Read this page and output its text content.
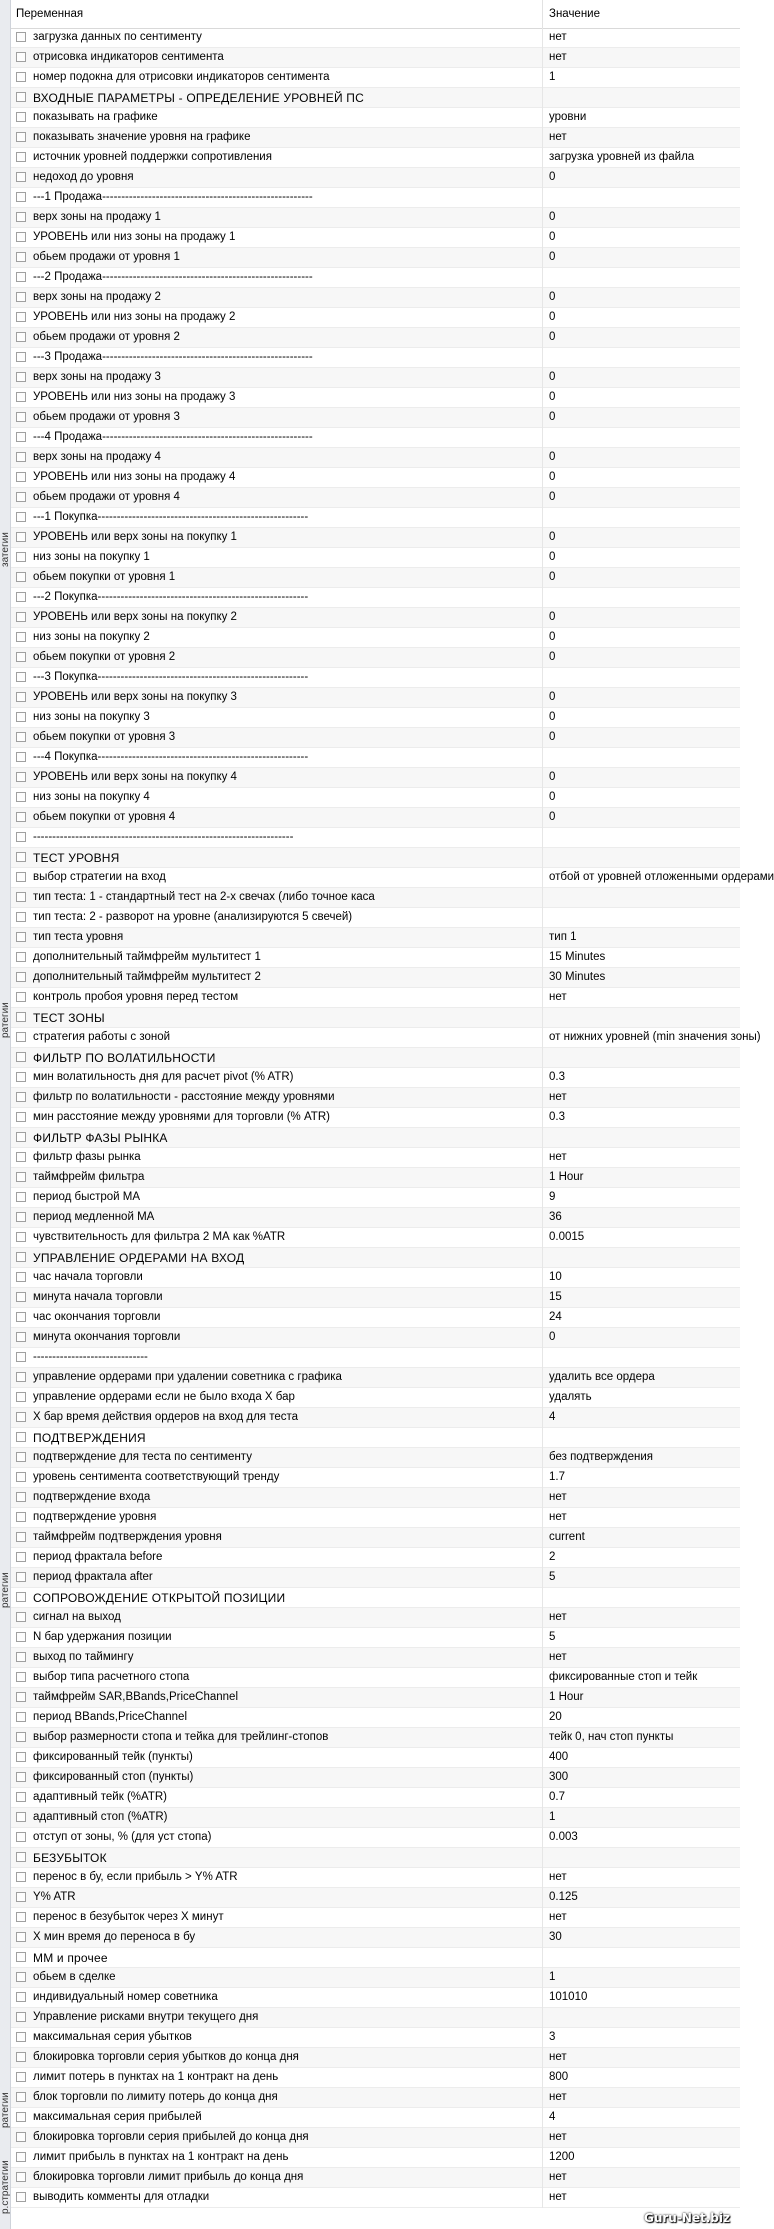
затегии
ратегии
ратегии
ратегии
р.стратегии
Переменная	Значение
загрузка данных по сентименту	нет
отрисовка индикаторов сентимента	нет
номер подокна для отрисовки индикаторов сентимента	1
ВХОДНЫЕ ПАРАМЕТРЫ - ОПРЕДЕЛЕНИЕ УРОВНЕЙ ПС
показывать на графике	уровни
показывать значение уровня на графике	нет
источник уровней поддержки сопротивления	загрузка уровней из файла
недоход до уровня	0
---1 Продажа-------------------------------------------------------
верх зоны на продажу 1	0
УРОВЕНЬ или низ зоны на продажу 1	0
обьем продажи от уровня 1	0
---2 Продажа-------------------------------------------------------
верх зоны на продажу 2	0
УРОВЕНЬ или низ зоны на продажу 2	0
обьем продажи от уровня 2	0
---3 Продажа-------------------------------------------------------
верх зоны на продажу 3	0
УРОВЕНЬ или низ зоны на продажу 3	0
обьем продажи от уровня 3	0
---4 Продажа-------------------------------------------------------
верх зоны на продажу 4	0
УРОВЕНЬ или низ зоны на продажу 4	0
обьем продажи от уровня 4	0
---1 Покупка-------------------------------------------------------
УРОВЕНЬ или верх зоны на покупку 1	0
низ зоны на покупку 1	0
обьем покупки от уровня 1	0
---2 Покупка-------------------------------------------------------
УРОВЕНЬ или верх зоны на покупку 2	0
низ зоны на покупку 2	0
обьем покупки от уровня 2	0
---3 Покупка-------------------------------------------------------
УРОВЕНЬ или верх зоны на покупку 3	0
низ зоны на покупку 3	0
обьем покупки от уровня 3	0
---4 Покупка-------------------------------------------------------
УРОВЕНЬ или верх зоны на покупку 4	0
низ зоны на покупку 4	0
обьем покупки от уровня 4	0
--------------------------------------------------------------------
ТЕСТ УРОВНЯ
выбор стратегии на вход	отбой от уровней отложенными ордерами
тип теста: 1 - стандартный тест на 2-х свечах (либо точное каса
тип теста: 2 - разворот на уровне (анализируются 5 свечей)
тип теста уровня	тип 1
дополнительный таймфрейм мультитест 1	15 Minutes
дополнительный таймфрейм мультитест 2	30 Minutes
контроль пробоя уровня перед тестом	нет
ТЕСТ ЗОНЫ
стратегия работы с зоной	от нижних уровней (min значения зоны)
ФИЛЬТР ПО ВОЛАТИЛЬНОСТИ
мин волатильность дня для расчет pivot (% ATR)	0.3
фильтр по волатильности - расстояние между уровнями	нет
мин расстояние между уровнями для торговли (% ATR)	0.3
ФИЛЬТР ФАЗЫ РЫНКА
фильтр фазы рынка	нет
таймфрейм фильтра	1 Hour
период быстрой МА	9
период медленной МА	36
чувствительность для фильтра 2 МА как %ATR	0.0015
УПРАВЛЕНИЕ ОРДЕРАМИ НА ВХОД
час начала торговли	10
минута начала торговли	15
час окончания торговли	24
минута окончания торговли	0
------------------------------
управление ордерами при удалении советника с графика	удалить все ордера
управление ордерами если не было входа Х бар	удалять
Х бар время действия ордеров на вход для теста	4
ПОДТВЕРЖДЕНИЯ
подтверждение для теста по сентименту	без подтверждения
уровень сентимента соответствующий тренду	1.7
подтверждение входа	нет
подтверждение уровня	нет
таймфрейм подтверждения уровня	current
период фрактала before	2
период фрактала after	5
СОПРОВОЖДЕНИЕ ОТКРЫТОЙ ПОЗИЦИИ
сигнал на выход	нет
N бар удержания позиции	5
выход по таймингу	нет
выбор типа расчетного стопа	фиксированные стоп и тейк
таймфрейм SAR,BBands,PriceChannel	1 Hour
период BBands,PriceChannel	20
выбор размерности стопа и тейка для трейлинг-стопов	тейк 0, нач стоп пункты
фиксированный тейк (пункты)	400
фиксированный стоп (пункты)	300
адаптивный тейк (%ATR)	0.7
адаптивный стоп (%ATR)	1
отступ от зоны, % (для уст стопа)	0.003
БЕЗУБЫТОК
перенос в бу, если прибыль > Y% ATR	нет
Y% ATR	0.125
перенос в безубыток через Х минут	нет
Х мин время до переноса в бу	30
ММ и прочее
обьем в сделке	1
индивидуальный номер советника	101010
Управление рисками внутри текущего дня
максимальная серия убытков	3
блокировка торговли серия убытков до конца дня	нет
лимит потерь в пунктах на 1 контракт на день	800
блок торговли по лимиту потерь до конца дня	нет
максимальная серия прибылей	4
блокировка торговли серия прибылей до конца дня	нет
лимит прибыль в пунктах на 1 контракт на день	1200
блокировка торговли лимит прибыль до конца дня	нет
выводить комменты для отладки	нет
Guru-Net.biz
